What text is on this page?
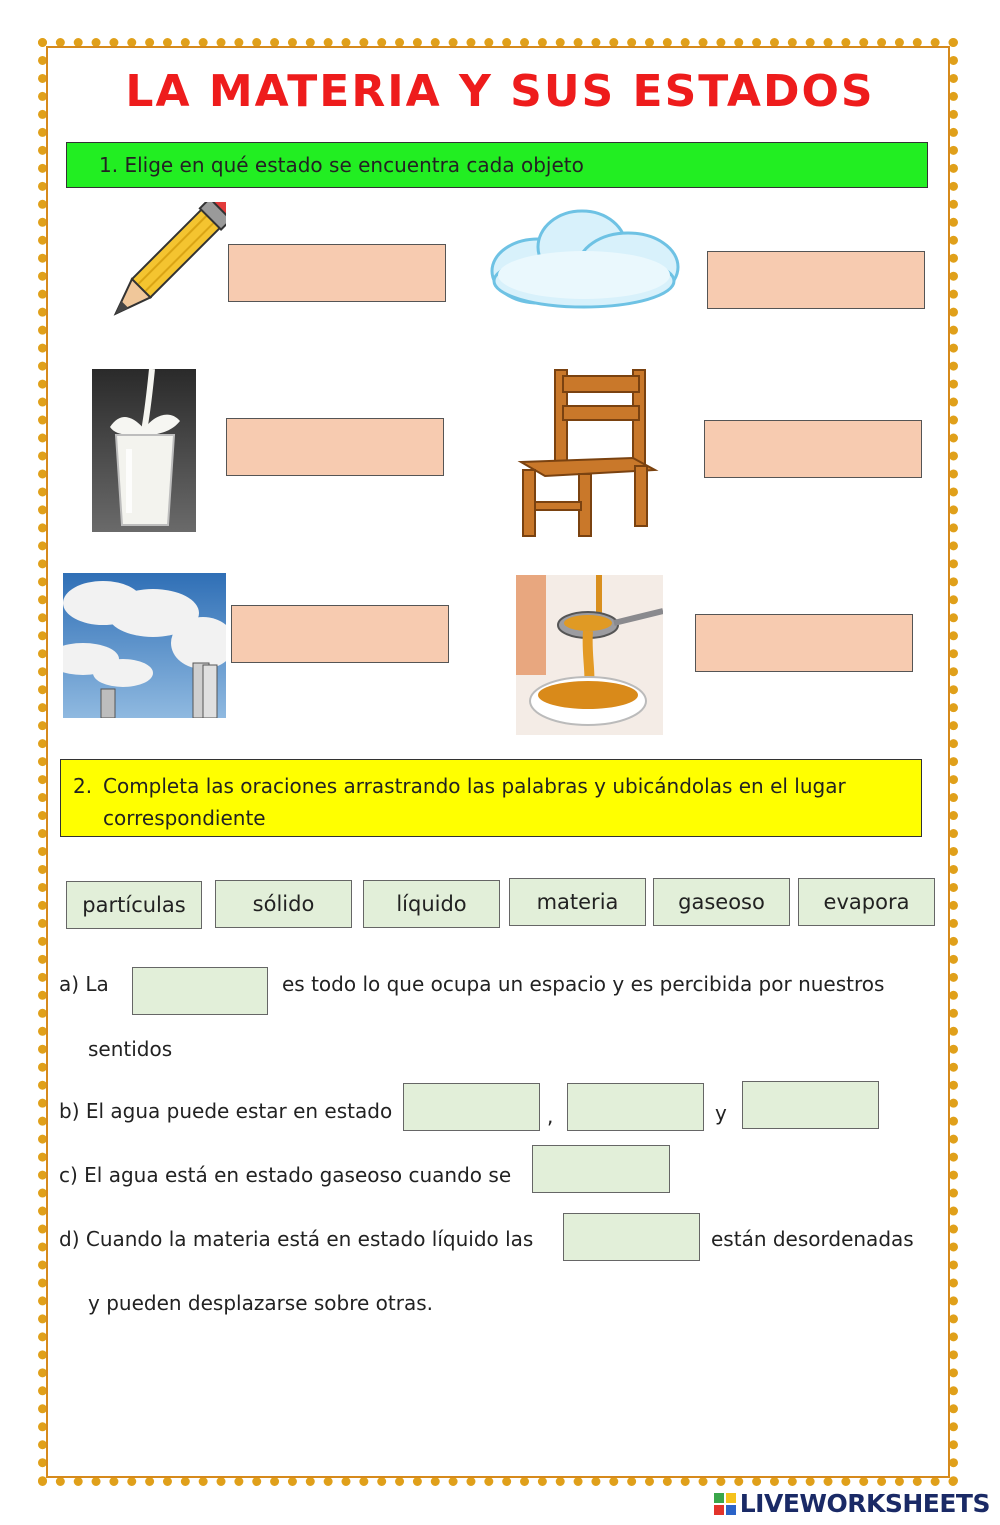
LA MATERIA Y SUS ESTADOS
1. Elige en qué estado se encuentra cada objeto
2. Completa las oraciones arrastrando las palabras y ubicándolas en el lugar correspondiente
partículas	sólido	líquido	materia	gaseoso	evapora
a) La	es todo lo que ocupa un espacio y es percibida por nuestros
sentidos
b) El agua puede estar en estado	,	y
c) El agua está en estado gaseoso cuando se
d) Cuando la materia está en estado líquido las	están desordenadas
y pueden desplazarse sobre otras.
LIVEWORKSHEETS
